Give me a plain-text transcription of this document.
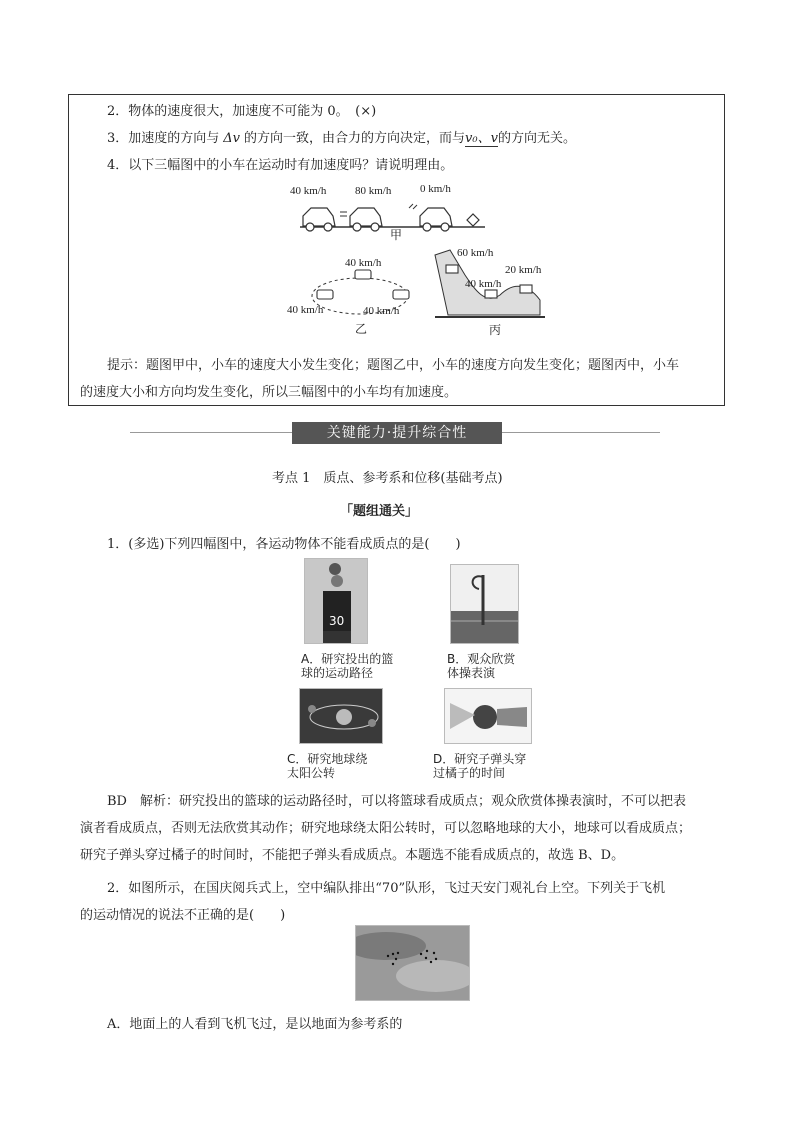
2．物体的速度很大，加速度不可能为 0。　(×)
3．加速度的方向与 Δv 的方向一致，由合力的方向决定，而与v₀、v的方向无关。
4．以下三幅图中的小车在运动时有加速度吗？请说明理由。
40 km/h	80 km/h	0 km/h
甲
40 km/h
40 km/h	40 km/h
乙
60 km/h
40 km/h
20 km/h
丙
提示：题图甲中，小车的速度大小发生变化；题图乙中，小车的速度方向发生变化；题图丙中，小车
的速度大小和方向均发生变化，所以三幅图中的小车均有加速度。
关键能力·提升综合性
考点 1　质点、参考系和位移(基础考点)
「题组通关」
1．(多选)下列四幅图中，各运动物体不能看成质点的是(　　)
30
A．研究投出的篮
球的运动路径
B．观众欣赏
体操表演
C．研究地球绕
太阳公转
D．研究子弹头穿
过橘子的时间
BD　解析：研究投出的篮球的运动路径时，可以将篮球看成质点；观众欣赏体操表演时，不可以把表
演者看成质点，否则无法欣赏其动作；研究地球绕太阳公转时，可以忽略地球的大小，地球可以看成质点；
研究子弹头穿过橘子的时间时，不能把子弹头看成质点。本题选不能看成质点的，故选 B、D。
2．如图所示，在国庆阅兵式上，空中编队排出“70”队形，飞过天安门观礼台上空。下列关于飞机
的运动情况的说法不正确的是(　　)
A．地面上的人看到飞机飞过，是以地面为参考系的
